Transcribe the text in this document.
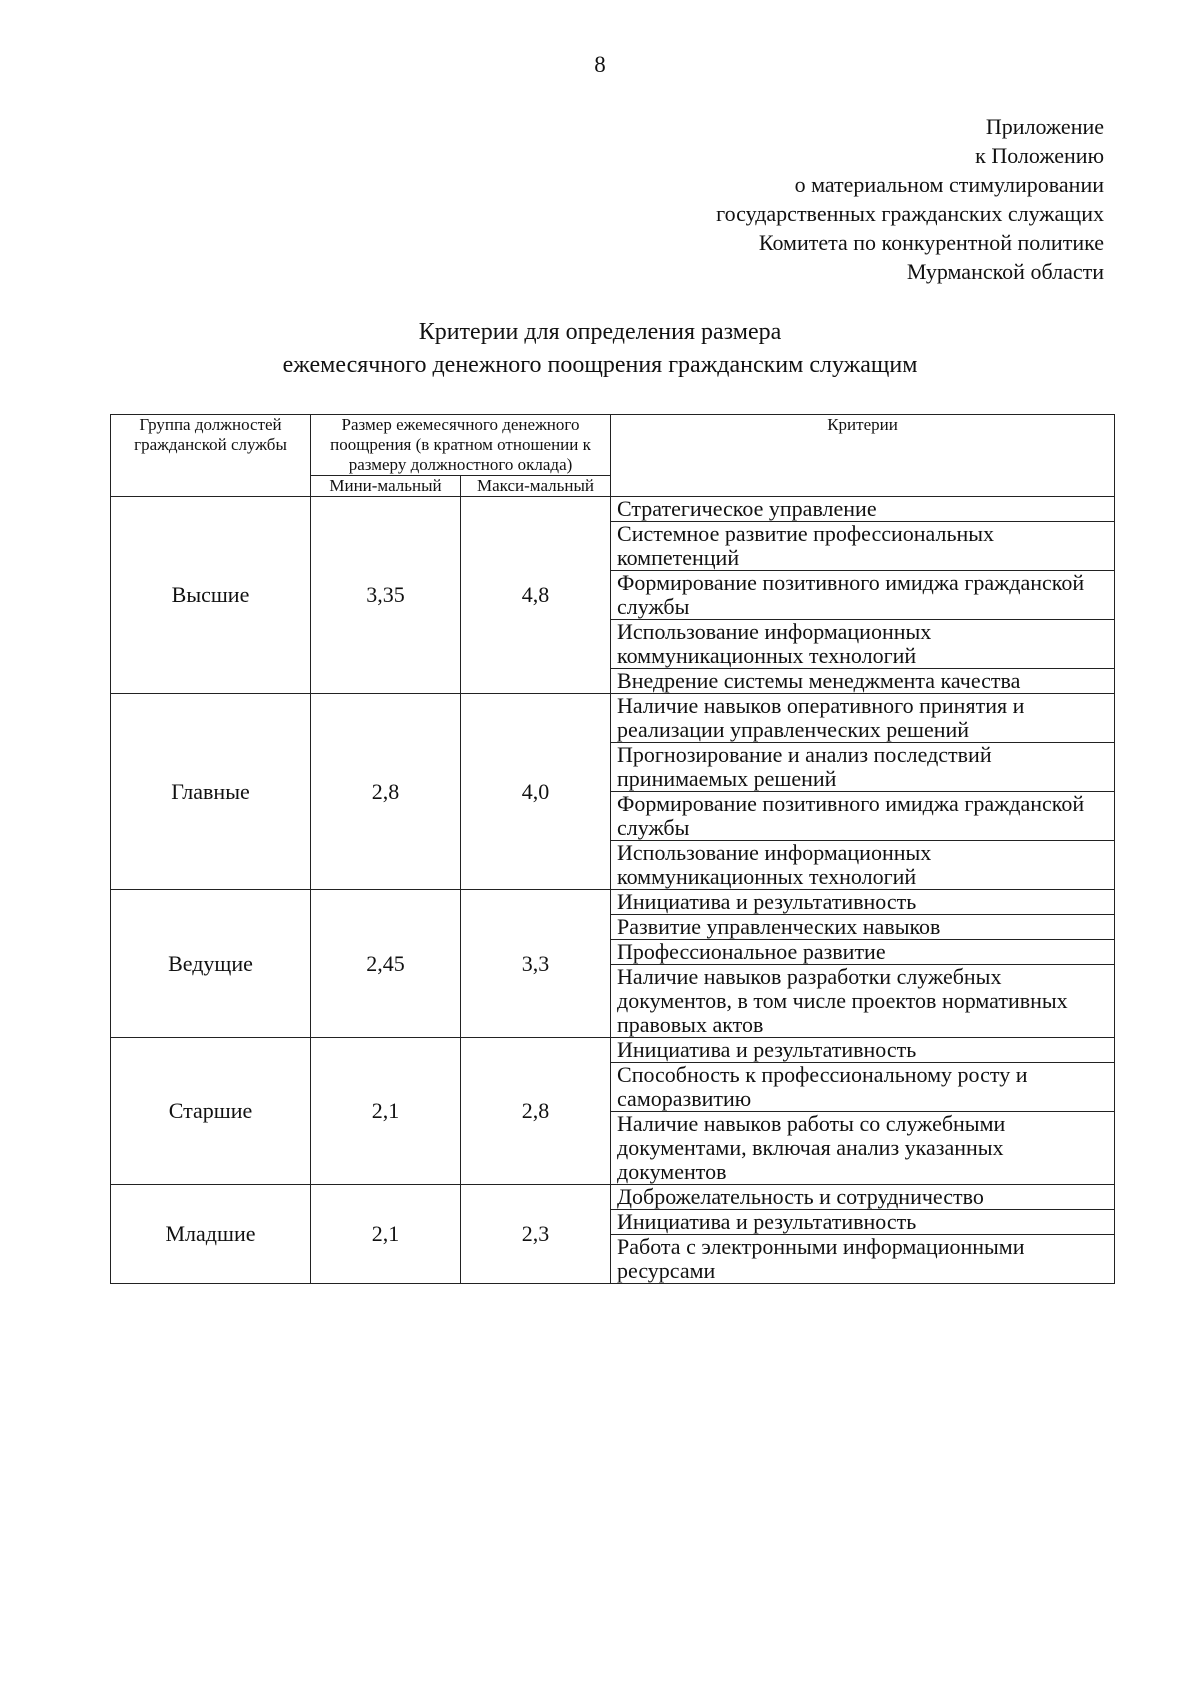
8
Приложение
к Положению
о материальном стимулировании
государственных гражданских служащих
Комитета по конкурентной политике
Мурманской области
Критерии для определения размера
ежемесячного денежного поощрения гражданским служащим
Группа должностей гражданской службы	Размер ежемесячного денежного поощрения (в кратном отношении к размеру должностного оклада)		Критерии
	Мини-мальный	Макси-мальный	
Высшие	3,35	4,8	Стратегическое управление
			Системное развитие профессиональных компетенций
			Формирование позитивного имиджа гражданской службы
			Использование информационных коммуникационных технологий
			Внедрение системы менеджмента качества
Главные	2,8	4,0	Наличие навыков оперативного принятия и реализации управленческих решений
			Прогнозирование и анализ последствий принимаемых решений
			Формирование позитивного имиджа гражданской службы
			Использование информационных коммуникационных технологий
Ведущие	2,45	3,3	Инициатива и результативность
			Развитие управленческих навыков
			Профессиональное развитие
			Наличие навыков разработки служебных документов, в том числе проектов нормативных правовых актов
Старшие	2,1	2,8	Инициатива и результативность
			Способность к профессиональному росту и саморазвитию
			Наличие навыков работы со служебными документами, включая анализ указанных документов
Младшие	2,1	2,3	Доброжелательность и сотрудничество
			Инициатива и результативность
			Работа с электронными информационными ресурсами
